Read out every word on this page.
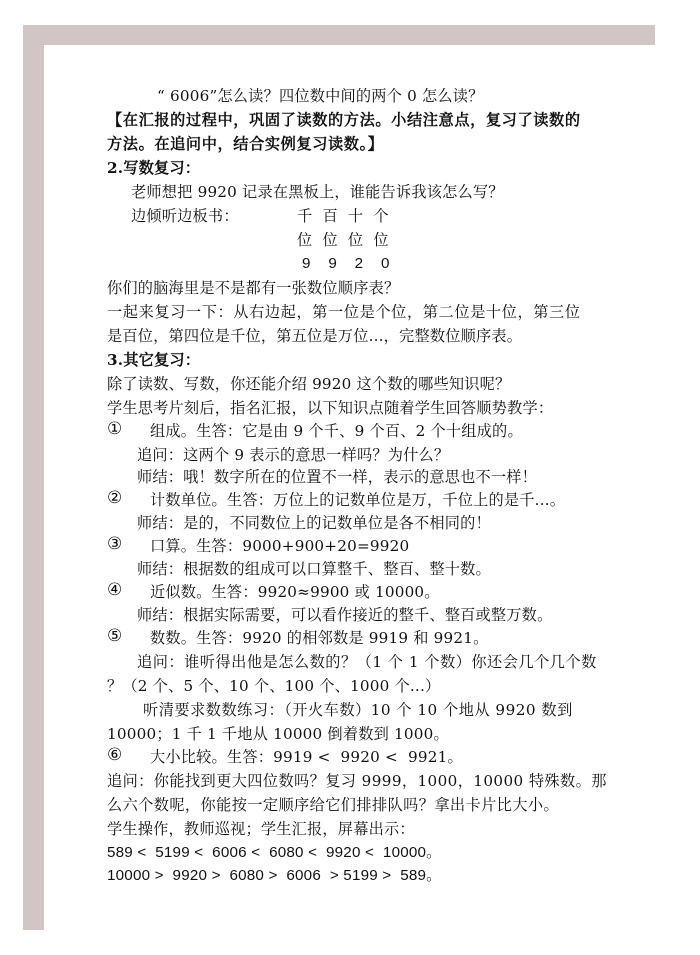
“ 6006”怎么读？四位数中间的两个 0 怎么读？
【在汇报的过程中，巩固了读数的方法。小结注意点，复习了读数的
方法。在追问中，结合实例复习读数。】
2.写数复习：
老师想把 9920 记录在黑板上，谁能告诉我该怎么写？
边倾听边板书：	千  百  十  个
位  位  位  位
9    9    2    0
你们的脑海里是不是都有一张数位顺序表？
一起来复习一下：从右边起，第一位是个位，第二位是十位，第三位
是百位，第四位是千位，第五位是万位...，完整数位顺序表。
3.其它复习：
除了读数、写数，你还能介绍 9920 这个数的哪些知识呢？
学生思考片刻后，指名汇报，以下知识点随着学生回答顺势教学：
① 组成。生答：它是由 9 个千、9 个百、2 个十组成的。
追问：这两个 9 表示的意思一样吗？为什么？
师结：哦！数字所在的位置不一样，表示的意思也不一样！
② 计数单位。生答：万位上的记数单位是万，千位上的是千...。
师结：是的，不同数位上的记数单位是各不相同的！
③ 口算。生答：9000+900+20=9920
师结：根据数的组成可以口算整千、整百、整十数。
④ 近似数。生答：9920≈9900 或 10000。
师结：根据实际需要，可以看作接近的整千、整百或整万数。
⑤ 数数。生答：9920 的相邻数是 9919 和 9921。
追问：谁听得出他是怎么数的？（1 个 1 个数）你还会几个几个数
？（2 个、5 个、10 个、100 个、1000 个...）
听清要求数数练习：（开火车数）10 个 10 个地从 9920 数到
10000；1 千 1 千地从 10000 倒着数到 1000。
⑥ 大小比较。生答：9919 <  9920 <  9921。
追问：你能找到更大四位数吗？复习 9999，1000，10000 特殊数。那
么六个数呢，你能按一定顺序给它们排排队吗？拿出卡片比大小。
学生操作，教师巡视；学生汇报，屏幕出示：
589 <  5199 <  6006 <  6080 <  9920 <  10000。
10000 >  9920 >  6080 >  6006  > 5199 >  589。
